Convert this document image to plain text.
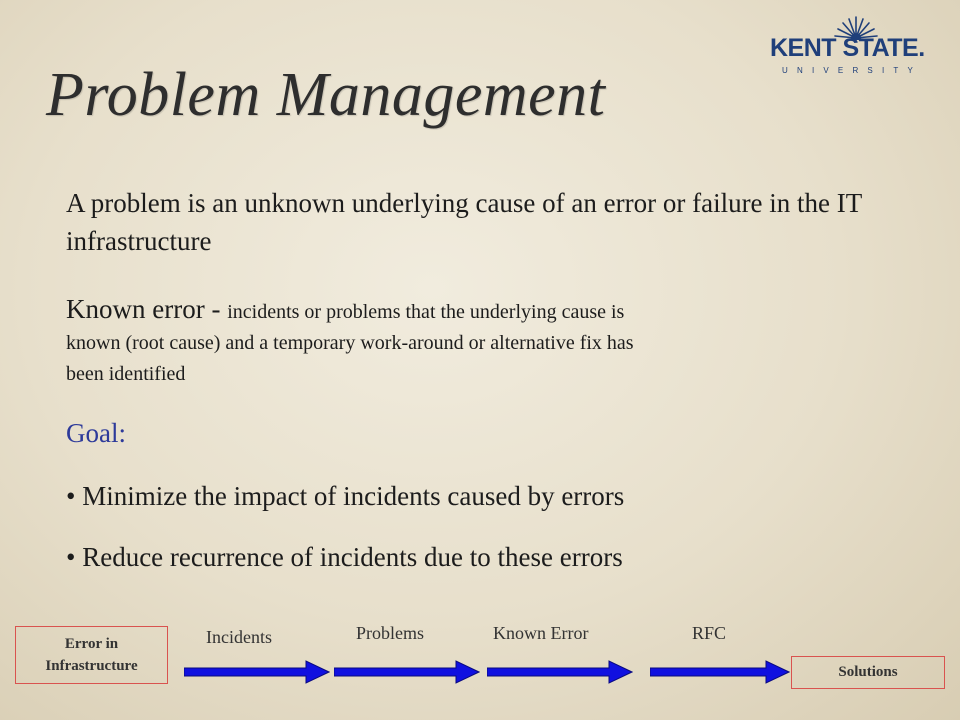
KENT STATE.
UNIVERSITY
Problem Management

A problem is an unknown underlying cause of an error or failure in the IT infrastructure

Known error - incidents or problems that the underlying cause is
known (root cause) and a temporary work-around or alternative fix has
been identified

Goal:

• Minimize the impact of incidents caused by errors

• Reduce recurrence of incidents due to these errors

Error in
Infrastructure
Incidents	Problems	Known Error	RFC
Solutions
